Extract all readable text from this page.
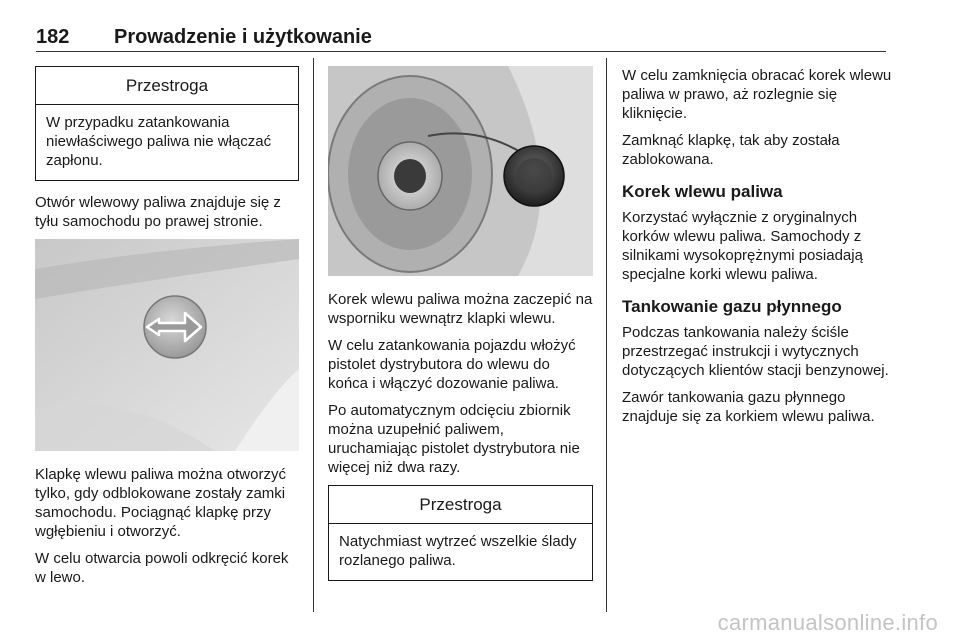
182 Prowadzenie i użytkowanie
Przestroga
W przypadku zatankowania niewłaściwego paliwa nie włączać zapłonu.

Otwór wlewowy paliwa znajduje się z tyłu samochodu po prawej stronie.

Klapkę wlewu paliwa można otworzyć tylko, gdy odblokowane zostały zamki samochodu. Pociągnąć klapkę przy wgłębieniu i otworzyć.

W celu otwarcia powoli odkręcić korek w lewo.

Korek wlewu paliwa można zaczepić na wsporniku wewnątrz klapki wlewu.

W celu zatankowania pojazdu włożyć pistolet dystrybutora do wlewu do końca i włączyć dozowanie paliwa.

Po automatycznym odcięciu zbiornik można uzupełnić paliwem, uruchamiając pistolet dystrybutora nie więcej niż dwa razy.

Przestroga
Natychmiast wytrzeć wszelkie ślady rozlanego paliwa.

W celu zamknięcia obracać korek wlewu paliwa w prawo, aż rozlegnie się kliknięcie.

Zamknąć klapkę, tak aby została zablokowana.

Korek wlewu paliwa

Korzystać wyłącznie z oryginalnych korków wlewu paliwa. Samochody z silnikami wysokoprężnymi posiadają specjalne korki wlewu paliwa.

Tankowanie gazu płynnego

Podczas tankowania należy ściśle przestrzegać instrukcji i wytycznych dotyczących klientów stacji benzynowej.

Zawór tankowania gazu płynnego znajduje się za korkiem wlewu paliwa.

carmanualsonline.info
